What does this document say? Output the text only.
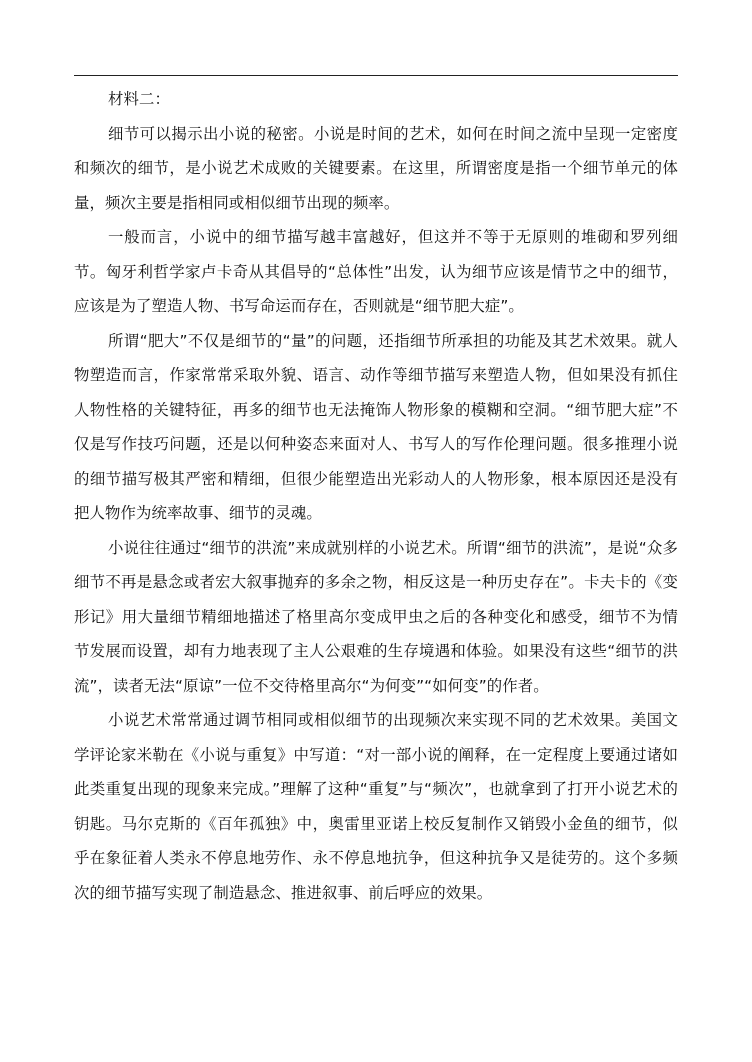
材料二：

细节可以揭示出小说的秘密。小说是时间的艺术，如何在时间之流中呈现一定密度和频次的细节，是小说艺术成败的关键要素。在这里，所谓密度是指一个细节单元的体量，频次主要是指相同或相似细节出现的频率。

一般而言，小说中的细节描写越丰富越好，但这并不等于无原则的堆砌和罗列细节。匈牙利哲学家卢卡奇从其倡导的“总体性”出发，认为细节应该是情节之中的细节，应该是为了塑造人物、书写命运而存在，否则就是“细节肥大症”。

所谓“肥大”不仅是细节的“量”的问题，还指细节所承担的功能及其艺术效果。就人物塑造而言，作家常常采取外貌、语言、动作等细节描写来塑造人物，但如果没有抓住人物性格的关键特征，再多的细节也无法掩饰人物形象的模糊和空洞。“细节肥大症”不仅是写作技巧问题，还是以何种姿态来面对人、书写人的写作伦理问题。很多推理小说的细节描写极其严密和精细，但很少能塑造出光彩动人的人物形象，根本原因还是没有把人物作为统率故事、细节的灵魂。

小说往往通过“细节的洪流”来成就别样的小说艺术。所谓“细节的洪流”，是说“众多细节不再是悬念或者宏大叙事抛弃的多余之物，相反这是一种历史存在”。卡夫卡的《变形记》用大量细节精细地描述了格里高尔变成甲虫之后的各种变化和感受，细节不为情节发展而设置，却有力地表现了主人公艰难的生存境遇和体验。如果没有这些“细节的洪流”，读者无法“原谅”一位不交待格里高尔“为何变”“如何变”的作者。

小说艺术常常通过调节相同或相似细节的出现频次来实现不同的艺术效果。美国文学评论家米勒在《小说与重复》中写道：“对一部小说的阐释，在一定程度上要通过诸如此类重复出现的现象来完成。”理解了这种“重复”与“频次”，也就拿到了打开小说艺术的钥匙。马尔克斯的《百年孤独》中，奥雷里亚诺上校反复制作又销毁小金鱼的细节，似乎在象征着人类永不停息地劳作、永不停息地抗争，但这种抗争又是徒劳的。这个多频次的细节描写实现了制造悬念、推进叙事、前后呼应的效果。
